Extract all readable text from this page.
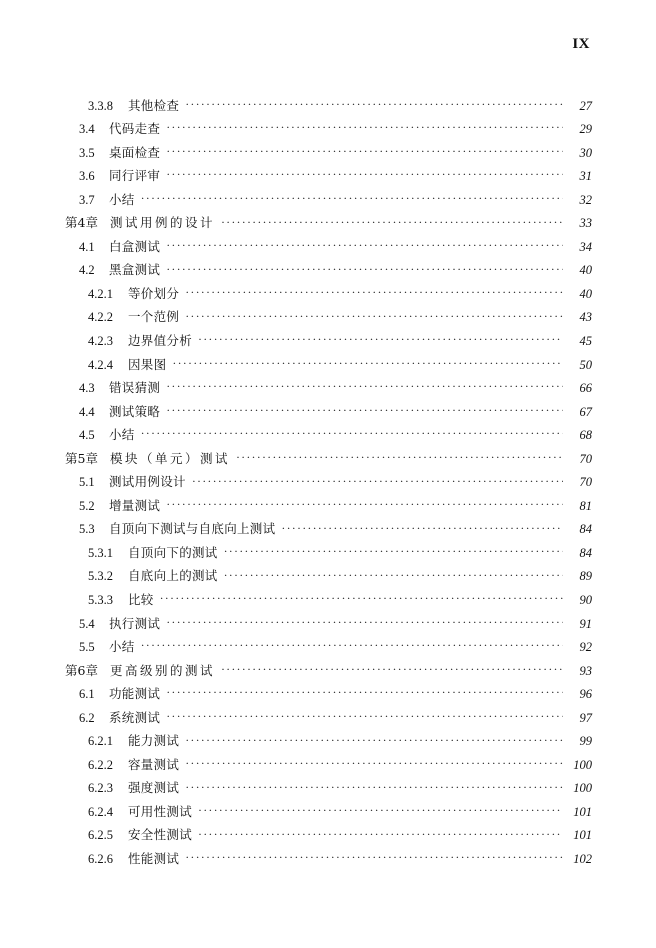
IX
3.3.8	其他检查 ·····	27
3.4	代码走查 ·····	29
3.5	桌面检查 ·····	30
3.6	同行评审 ·····	31
3.7	小结 ·····	32
第4章 测试用例的设计 ·····	33
4.1	白盒测试 ·····	34
4.2	黑盒测试 ·····	40
4.2.1	等价划分 ·····	40
4.2.2	一个范例 ·····	43
4.2.3	边界值分析 ·····	45
4.2.4	因果图 ·····	50
4.3	错误猜测 ·····	66
4.4	测试策略 ·····	67
4.5	小结 ·····	68
第5章 模块（单元）测试 ·····	70
5.1	测试用例设计 ·····	70
5.2	增量测试 ·····	81
5.3	自顶向下测试与自底向上测试 ·····	84
5.3.1	自顶向下的测试 ·····	84
5.3.2	自底向上的测试 ·····	89
5.3.3	比较 ·····	90
5.4	执行测试 ·····	91
5.5	小结 ·····	92
第6章 更高级别的测试 ·····	93
6.1	功能测试 ·····	96
6.2	系统测试 ·····	97
6.2.1	能力测试 ·····	99
6.2.2	容量测试 ·····	100
6.2.3	强度测试 ·····	100
6.2.4	可用性测试 ·····	101
6.2.5	安全性测试 ·····	101
6.2.6	性能测试 ·····	102
